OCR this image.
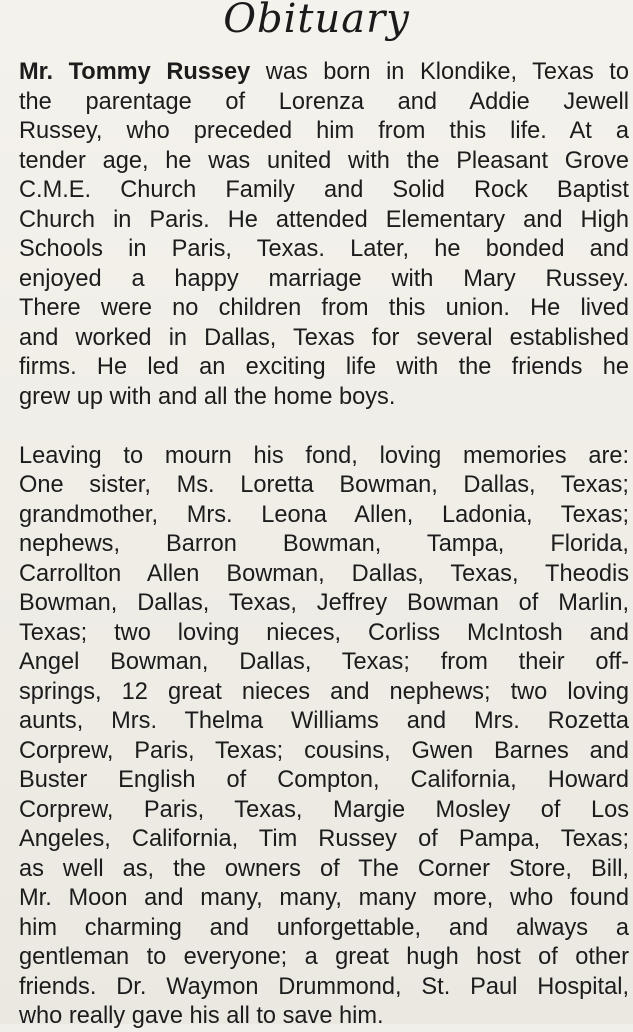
Obituary
Mr. Tommy Russey was born in Klondike, Texas to
the parentage of Lorenza and Addie Jewell
Russey, who preceded him from this life. At a
tender age, he was united with the Pleasant Grove
C.M.E. Church Family and Solid Rock Baptist
Church in Paris. He attended Elementary and High
Schools in Paris, Texas. Later, he bonded and
enjoyed a happy marriage with Mary Russey.
There were no children from this union. He lived
and worked in Dallas, Texas for several established
firms. He led an exciting life with the friends he
grew up with and all the home boys.
Leaving to mourn his fond, loving memories are:
One sister, Ms. Loretta Bowman, Dallas, Texas;
grandmother, Mrs. Leona Allen, Ladonia, Texas;
nephews, Barron Bowman, Tampa, Florida,
Carrollton Allen Bowman, Dallas, Texas, Theodis
Bowman, Dallas, Texas, Jeffrey Bowman of Marlin,
Texas; two loving nieces, Corliss McIntosh and
Angel Bowman, Dallas, Texas; from their off-
springs, 12 great nieces and nephews; two loving
aunts, Mrs. Thelma Williams and Mrs. Rozetta
Corprew, Paris, Texas; cousins, Gwen Barnes and
Buster English of Compton, California, Howard
Corprew, Paris, Texas, Margie Mosley of Los
Angeles, California, Tim Russey of Pampa, Texas;
as well as, the owners of The Corner Store, Bill,
Mr. Moon and many, many, many more, who found
him charming and unforgettable, and always a
gentleman to everyone; a great hugh host of other
friends. Dr. Waymon Drummond, St. Paul Hospital,
who really gave his all to save him.
